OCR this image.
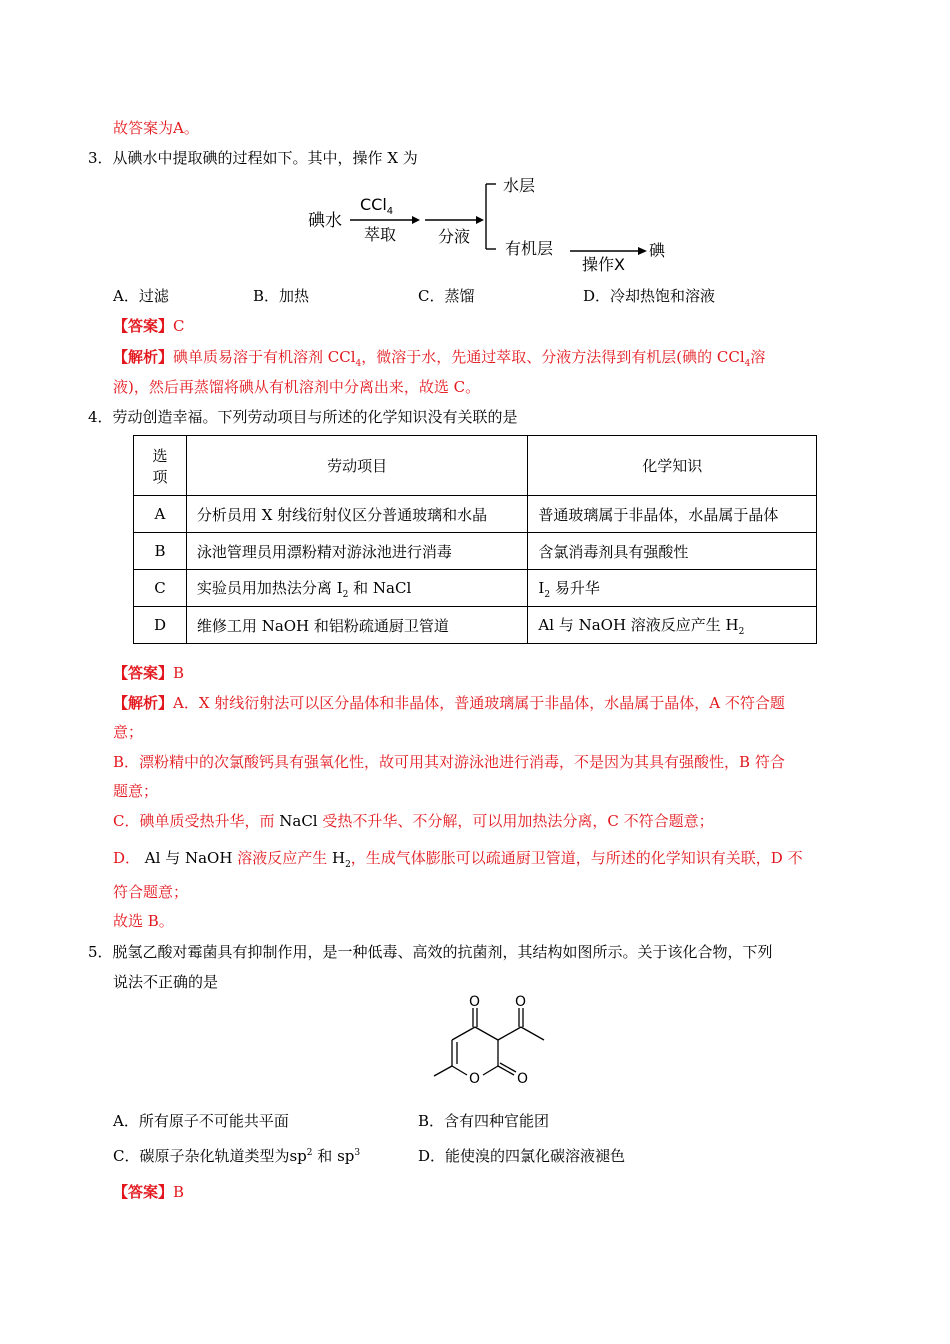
故答案为A。
3．从碘水中提取碘的过程如下。其中，操作 X 为
碘水
CCl$_4$
萃取	分液
水层
有机层
操作X
碘
A．过滤	B．加热	C．蒸馏	D．冷却热饱和溶液
【答案】C
【解析】碘单质易溶于有机溶剂 CCl$_4$，微溶于水，先通过萃取、分液方法得到有机层(碘的 CCl$_4$溶
液)，然后再蒸馏将碘从有机溶剂中分离出来，故选 C。
4．劳动创造幸福。下列劳动项目与所述的化学知识没有关联的是
选
项	劳动项目	化学知识
A	分析员用 X 射线衍射仪区分普通玻璃和水晶	普通玻璃属于非晶体，水晶属于晶体
B	泳池管理员用漂粉精对游泳池进行消毒	含氯消毒剂具有强酸性
C	实验员用加热法分离 $I_2$ 和 NaCl	$I_2$ 易升华
D	维修工用 NaOH 和铝粉疏通厨卫管道	Al 与 NaOH 溶液反应产生 $H_2$
【答案】B
【解析】A．X 射线衍射法可以区分晶体和非晶体，普通玻璃属于非晶体，水晶属于晶体，A 不符合题
意；
B．漂粉精中的次氯酸钙具有强氧化性，故可用其对游泳池进行消毒，不是因为其具有强酸性，B 符合
题意；
C．碘单质受热升华，而 NaCl 受热不升华、不分解，可以用加热法分离，C 不符合题意；
D． Al 与 NaOH 溶液反应产生 $H_2$，生成气体膨胀可以疏通厨卫管道，与所述的化学知识有关联，D 不
符合题意；
故选 B。
5．脱氢乙酸对霉菌具有抑制作用，是一种低毒、高效的抗菌剂，其结构如图所示。关于该化合物，下列
说法不正确的是
O O
O	O
A．所有原子不可能共平面	B．含有四种官能团
C．碳原子杂化轨道类型为$sp^2$ 和 $sp^3$	D．能使溴的四氯化碳溶液褪色
【答案】B
